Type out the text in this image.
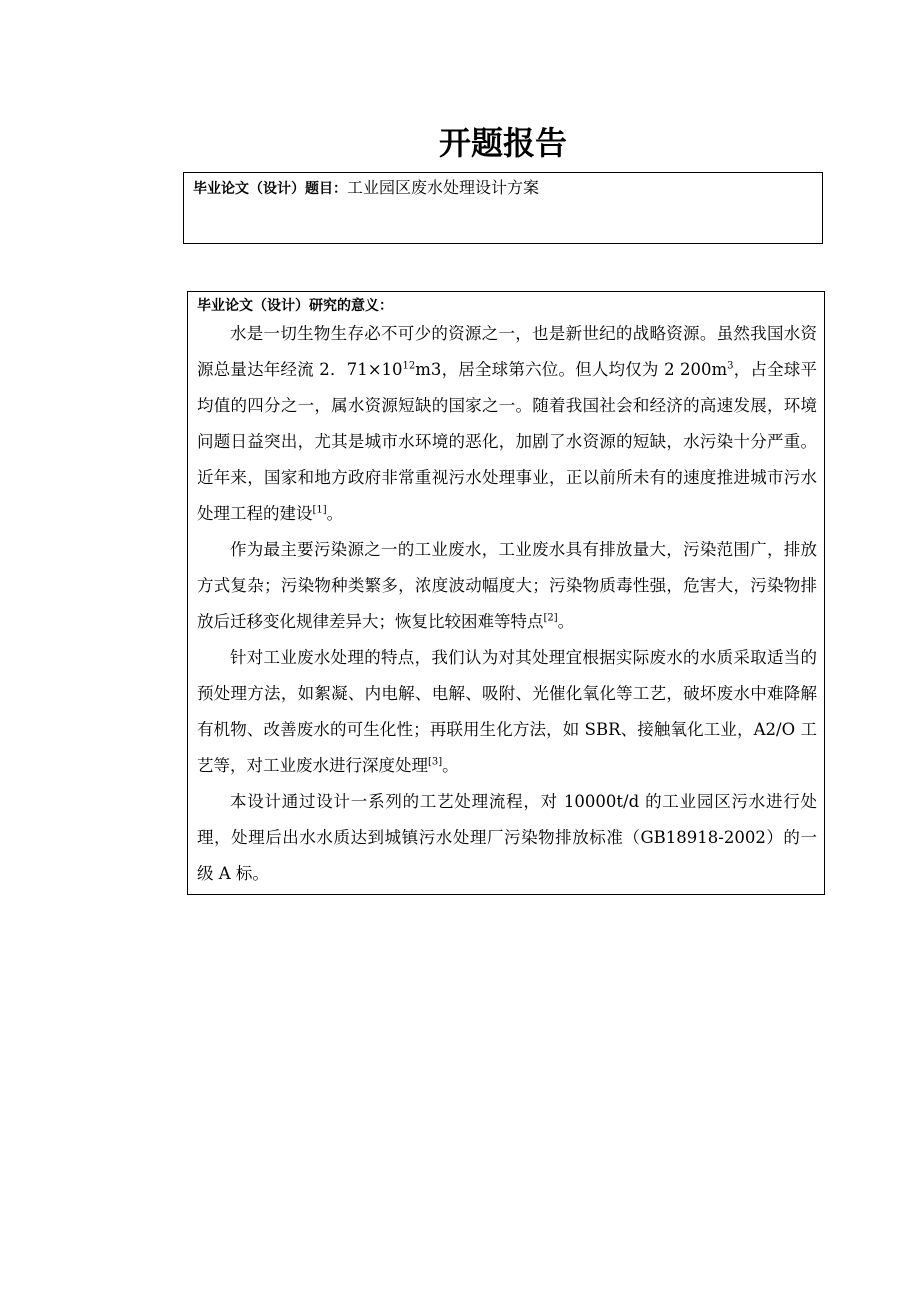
开题报告
毕业论文（设计）题目：工业园区废水处理设计方案
毕业论文（设计）研究的意义：

水是一切生物生存必不可少的资源之一，也是新世纪的战略资源。虽然我国水资源总量达年经流 2．$71\times 10^{12}m3$，居全球第六位。但人均仅为 2 $200m^3$，占全球平均值的四分之一，属水资源短缺的国家之一。随着我国社会和经济的高速发展，环境问题日益突出，尤其是城市水环境的恶化，加剧了水资源的短缺，水污染十分严重。近年来，国家和地方政府非常重视污水处理事业，正以前所未有的速度推进城市污水处理工程的建设[1]。

作为最主要污染源之一的工业废水，工业废水具有排放量大，污染范围广，排放方式复杂；污染物种类繁多，浓度波动幅度大；污染物质毒性强，危害大，污染物排放后迁移变化规律差异大；恢复比较困难等特点[2]。

针对工业废水处理的特点，我们认为对其处理宜根据实际废水的水质采取适当的预处理方法，如絮凝、内电解、电解、吸附、光催化氧化等工艺，破坏废水中难降解有机物、改善废水的可生化性；再联用生化方法，如 SBR、接触氧化工业，A2/O 工艺等，对工业废水进行深度处理[3]。

本设计通过设计一系列的工艺处理流程，对 10000t/d 的工业园区污水进行处理，处理后出水水质达到城镇污水处理厂污染物排放标准（GB18918-2002）的一级 A 标。
